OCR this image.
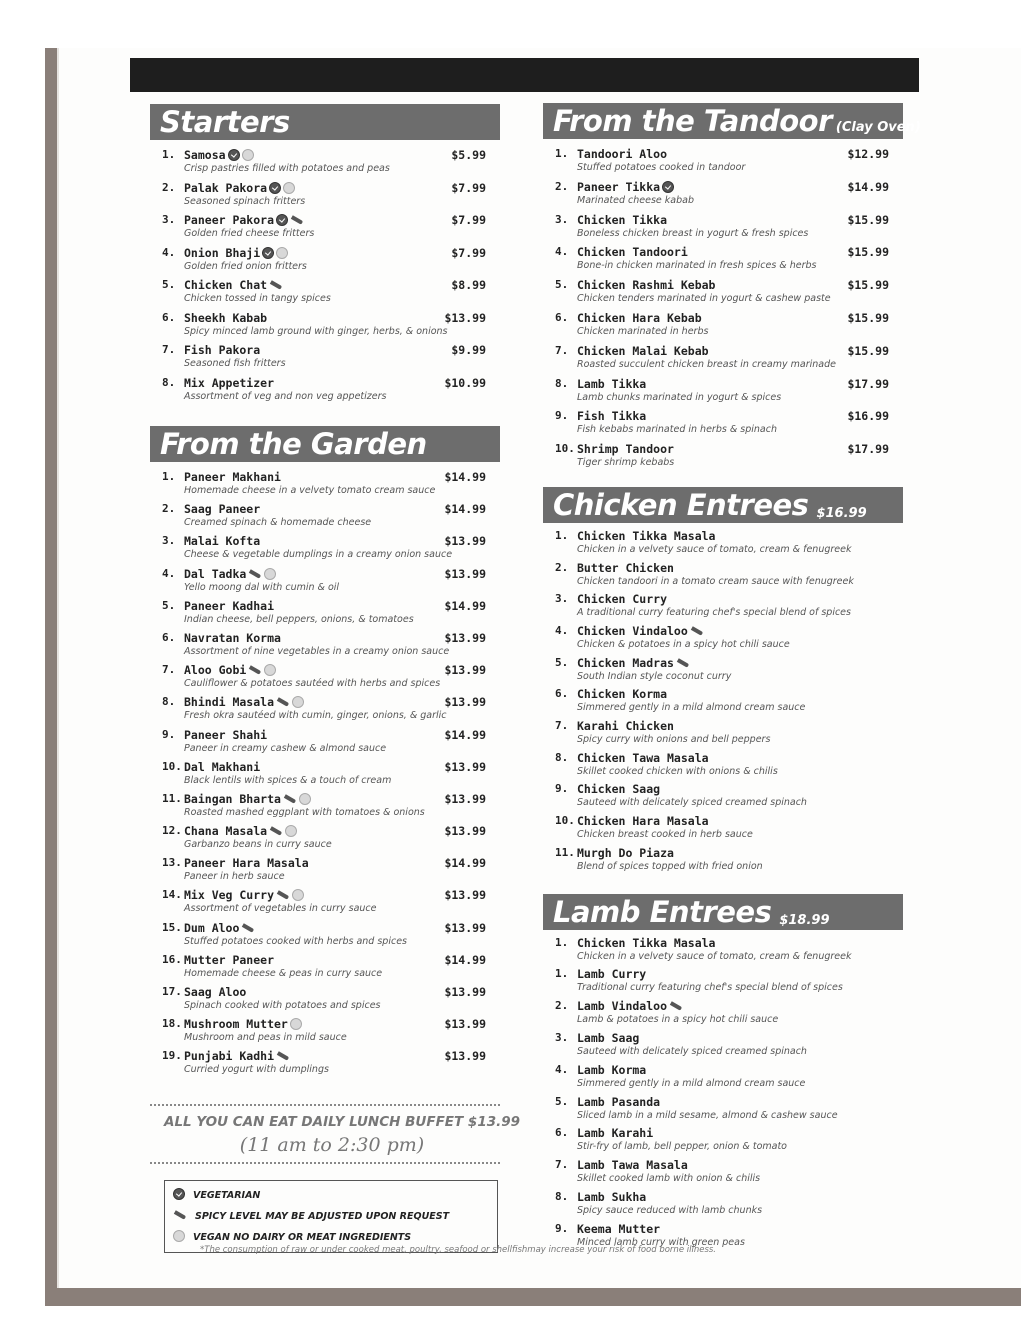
Starters
1. Samosa	$5.99
Crisp pastries filled with potatoes and peas
2. Palak Pakora	$7.99
Seasoned spinach fritters
3. Paneer Pakora	$7.99
Golden fried cheese fritters
4. Onion Bhaji	$7.99
Golden fried onion fritters
5. Chicken Chat	$8.99
Chicken tossed in tangy spices
6. Sheekh Kabab	$13.99
Spicy minced lamb ground with ginger, herbs, & onions
7. Fish Pakora	$9.99
Seasoned fish fritters
8. Mix Appetizer	$10.99
Assortment of veg and non veg appetizers
From the Garden
1. Paneer Makhani	$14.99
Homemade cheese in a velvety tomato cream sauce
2. Saag Paneer	$14.99
Creamed spinach & homemade cheese
3. Malai Kofta	$13.99
Cheese & vegetable dumplings in a creamy onion sauce
4. Dal Tadka	$13.99
Yello moong dal with cumin & oil
5. Paneer Kadhai	$14.99
Indian cheese, bell peppers, onions, & tomatoes
6. Navratan Korma	$13.99
Assortment of nine vegetables in a creamy onion sauce
7. Aloo Gobi	$13.99
Cauliflower & potatoes sautéed with herbs and spices
8. Bhindi Masala	$13.99
Fresh okra sautéed with cumin, ginger, onions, & garlic
9. Paneer Shahi	$14.99
Paneer in creamy cashew & almond sauce
10. Dal Makhani	$13.99
Black lentils with spices & a touch of cream
11. Baingan Bharta	$13.99
Roasted mashed eggplant with tomatoes & onions
12. Chana Masala	$13.99
Garbanzo beans in curry sauce
13. Paneer Hara Masala	$14.99
Paneer in herb sauce
14. Mix Veg Curry	$13.99
Assortment of vegetables in curry sauce
15. Dum Aloo	$13.99
Stuffed potatoes cooked with herbs and spices
16. Mutter Paneer	$14.99
Homemade cheese & peas in curry sauce
17. Saag Aloo	$13.99
Spinach cooked with potatoes and spices
18. Mushroom Mutter	$13.99
Mushroom and peas in mild sauce
19. Punjabi Kadhi	$13.99
Curried yogurt with dumplings
ALL YOU CAN EAT DAILY LUNCH BUFFET $13.99
(11 am to 2:30 pm)
VEGETARIAN
SPICY LEVEL MAY BE ADJUSTED UPON REQUEST
VEGAN NO DAIRY OR MEAT INGREDIENTS
From the Tandoor (Clay Oven)
1. Tandoori Aloo	$12.99
Stuffed potatoes cooked in tandoor
2. Paneer Tikka	$14.99
Marinated cheese kabab
3. Chicken Tikka	$15.99
Boneless chicken breast in yogurt & fresh spices
4. Chicken Tandoori	$15.99
Bone-in chicken marinated in fresh spices & herbs
5. Chicken Rashmi Kebab	$15.99
Chicken tenders marinated in yogurt & cashew paste
6. Chicken Hara Kebab	$15.99
Chicken marinated in herbs
7. Chicken Malai Kebab	$15.99
Roasted succulent chicken breast in creamy marinade
8. Lamb Tikka	$17.99
Lamb chunks marinated in yogurt & spices
9. Fish Tikka	$16.99
Fish kebabs marinated in herbs & spinach
10. Shrimp Tandoor	$17.99
Tiger shrimp kebabs
Chicken Entrees $16.99
1. Chicken Tikka Masala
Chicken in a velvety sauce of tomato, cream & fenugreek
2. Butter Chicken
Chicken tandoori in a tomato cream sauce with fenugreek
3. Chicken Curry
A traditional curry featuring chef's special blend of spices
4. Chicken Vindaloo
Chicken & potatoes in a spicy hot chili sauce
5. Chicken Madras
South Indian style coconut curry
6. Chicken Korma
Simmered gently in a mild almond cream sauce
7. Karahi Chicken
Spicy curry with onions and bell peppers
8. Chicken Tawa Masala
Skillet cooked chicken with onions & chilis
9. Chicken Saag
Sauteed with delicately spiced creamed spinach
10. Chicken Hara Masala
Chicken breast cooked in herb sauce
11. Murgh Do Piaza
Blend of spices topped with fried onion
Lamb Entrees $18.99
1. Chicken Tikka Masala
Chicken in a velvety sauce of tomato, cream & fenugreek
1. Lamb Curry
Traditional curry featuring chef's special blend of spices
2. Lamb Vindaloo
Lamb & potatoes in a spicy hot chili sauce
3. Lamb Saag
Sauteed with delicately spiced creamed spinach
4. Lamb Korma
Simmered gently in a mild almond cream sauce
5. Lamb Pasanda
Sliced lamb in a mild sesame, almond & cashew sauce
6. Lamb Karahi
Stir-fry of lamb, bell pepper, onion & tomato
7. Lamb Tawa Masala
Skillet cooked lamb with onion & chilis
8. Lamb Sukha
Spicy sauce reduced with lamb chunks
9. Keema Mutter
Minced lamb curry with green peas
*The consumption of raw or under cooked meat, poultry, seafood or shellfishmay increase your risk of food borne illness.
